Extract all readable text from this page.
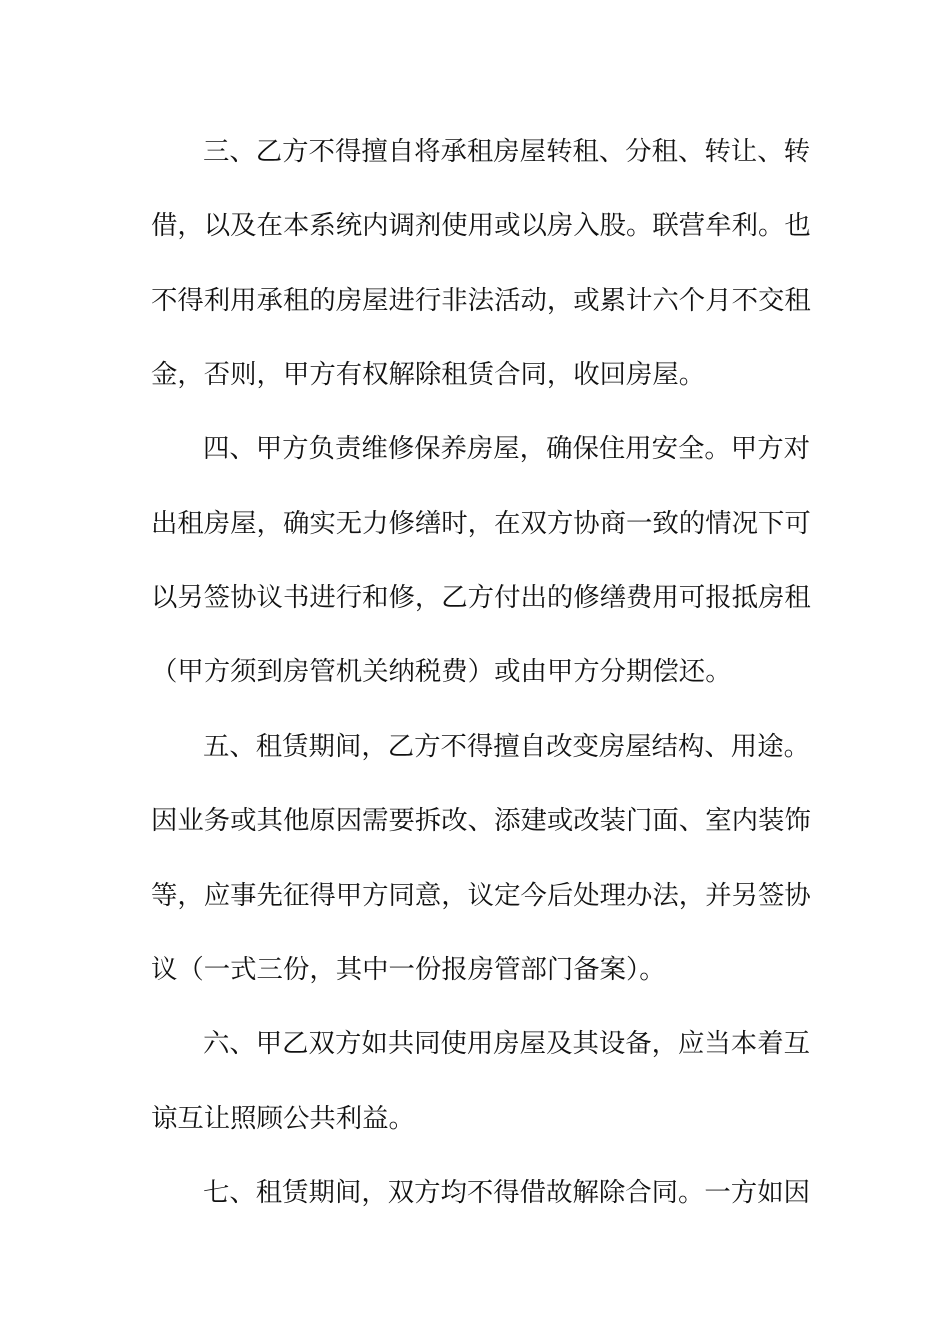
三、乙方不得擅自将承租房屋转租、分租、转让、转
借，以及在本系统内调剂使用或以房入股。联营牟利。也
不得利用承租的房屋进行非法活动，或累计六个月不交租
金，否则，甲方有权解除租赁合同，收回房屋。
四、甲方负责维修保养房屋，确保住用安全。甲方对
出租房屋，确实无力修缮时，在双方协商一致的情况下可
以另签协议书进行和修，乙方付出的修缮费用可报抵房租
（甲方须到房管机关纳税费）或由甲方分期偿还。
五、租赁期间，乙方不得擅自改变房屋结构、用途。
因业务或其他原因需要拆改、添建或改装门面、室内装饰
等，应事先征得甲方同意，议定今后处理办法，并另签协
议（一式三份，其中一份报房管部门备案）。
六、甲乙双方如共同使用房屋及其设备，应当本着互
谅互让照顾公共利益。
七、租赁期间，双方均不得借故解除合同。一方如因
